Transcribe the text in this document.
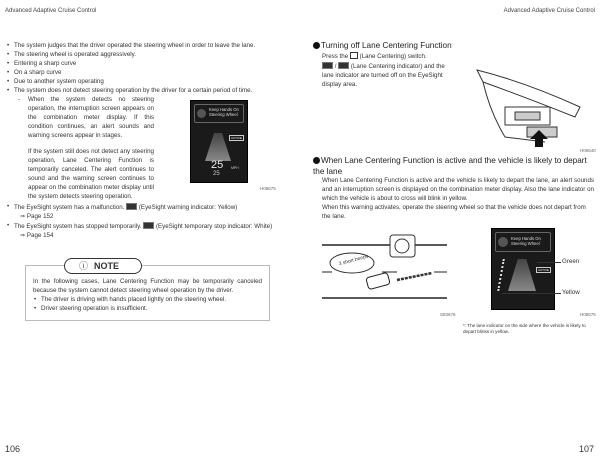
Advanced Adaptive Cruise Control
• The system judges that the driver operated the steering wheel in order to leave the lane.
• The steering wheel is operated aggressively.
• Entering a sharp curve
• On a sharp curve
• Due to another system operating
• The system does not detect steering operation by the driver for a certain period of time.
- When the system detects no steering operation, the interruption screen appears on the combination meter display. If this condition continues, an alert sounds and warning screens appear in stages.
If the system still does not detect any steering operation, Lane Centering Function is temporarily canceled. The alert continues to sound and the warning screen continues to appear on the combination meter display until the system detects steering operation.
Keep Hands On Steering Wheel
ACTIVE
25
25
MPH
H08675
• The EyeSight system has a malfunction. (EyeSight warning indicator: Yellow)
⇒ Page 152
• The EyeSight system has stopped temporarily. (EyeSight temporary stop indicator: White)
⇒ Page 154
ⓘ NOTE
In the following cases, Lane Centering Function may be temporarily canceled because the system cannot detect steering wheel operation by the driver.
• The driver is driving with hands placed lightly on the steering wheel.
• Driver steering operation is insufficient.
106
Advanced Adaptive Cruise Control
Turning off Lane Centering Function
Press the (Lane Centering) switch.
/  (Lane Centering indicator) and the lane indicator are turned off on the EyeSight display area.
H06540
When Lane Centering Function is active and the vehicle is likely to depart the lane
When Lane Centering Function is active and the vehicle is likely to depart the lane, an alert sounds and an interruption screen is displayed on the combination meter display. Also the lane indicator on which the vehicle is about to cross will blink in yellow.
When this warning activates, operate the steering wheel so that the vehicle does not depart from the lane.
3 short beeps
S83676
Keep Hands On Steering Wheel
ACTIVE
Green
Yellow
H08676
*: The lane indicator on the side where the vehicle is likely to depart blinks in yellow.
107
